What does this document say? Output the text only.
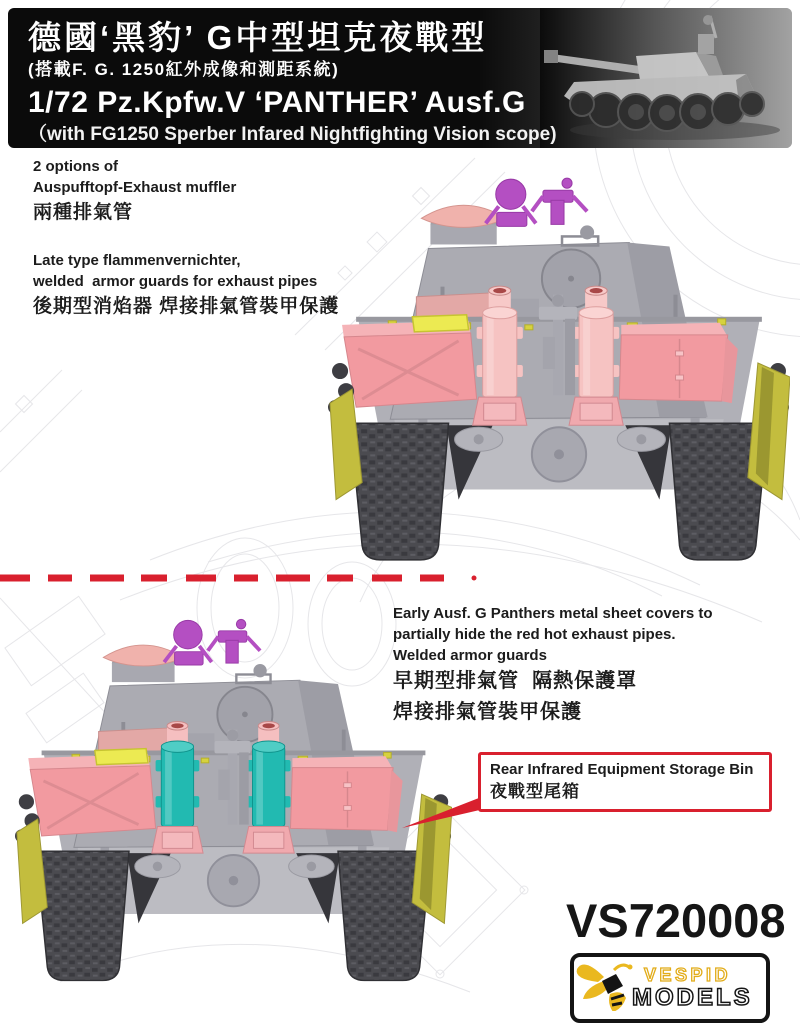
德國‘黑豹’ G中型坦克夜戰型
(搭載F. G. 1250紅外成像和測距系統)
1/72 Pz.Kpfw.V ‘PANTHER’ Ausf.G
（with FG1250 Sperber Infared Nightfighting Vision scope)
2 options of
Auspufftopf-Exhaust muffler
兩種排氣管
Late type flammenvernichter,
welded  armor guards for exhaust pipes
後期型消焰器 焊接排氣管裝甲保護
Early Ausf. G Panthers metal sheet covers to
partially hide the red hot exhaust pipes.
Welded armor guards
早期型排氣管  隔熱保護罩
焊接排氣管裝甲保護
Rear Infrared Equipment Storage Bin
夜戰型尾箱
VS720008
VESPID
MODELS
